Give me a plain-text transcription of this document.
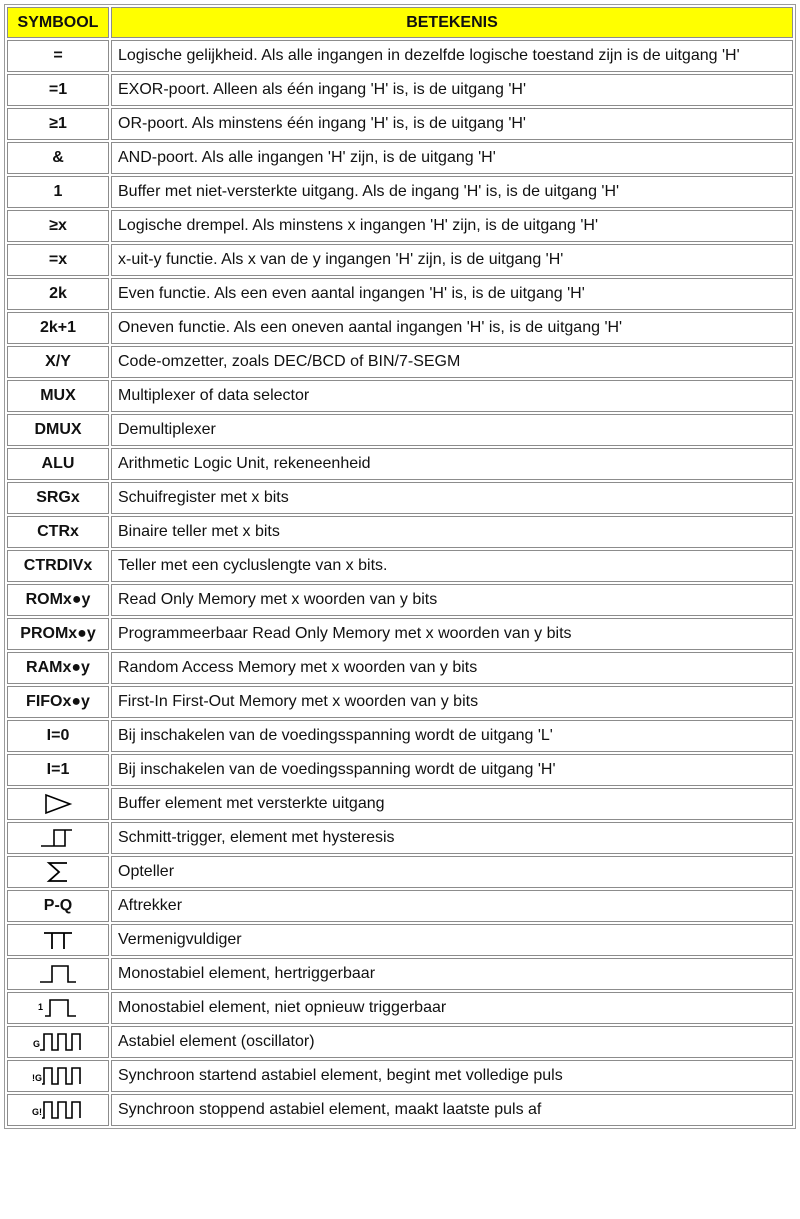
SYMBOOL	BETEKENIS
=	Logische gelijkheid. Als alle ingangen in dezelfde logische toestand zijn is de uitgang 'H'
=1	EXOR-poort. Alleen als één ingang 'H' is, is de uitgang 'H'
≥1	OR-poort. Als minstens één ingang 'H' is, is de uitgang 'H'
&	AND-poort. Als alle ingangen 'H' zijn, is de uitgang 'H'
1	Buffer met niet-versterkte uitgang. Als de ingang 'H' is, is de uitgang 'H'
≥x	Logische drempel. Als minstens x ingangen 'H' zijn, is de uitgang 'H'
=x	x-uit-y functie. Als x van de y ingangen 'H' zijn, is de uitgang 'H'
2k	Even functie. Als een even aantal ingangen 'H' is, is de uitgang 'H'
2k+1	Oneven functie. Als een oneven aantal ingangen 'H' is, is de uitgang 'H'
X/Y	Code-omzetter, zoals DEC/BCD of BIN/7-SEGM
MUX	Multiplexer of data selector
DMUX	Demultiplexer
ALU	Arithmetic Logic Unit, rekeneenheid
SRGx	Schuifregister met x bits
CTRx	Binaire teller met x bits
CTRDIVx	Teller met een cycluslengte van x bits.
ROMx●y	Read Only Memory met x woorden van y bits
PROMx●y	Programmeerbaar Read Only Memory met x woorden van y bits
RAMx●y	Random Access Memory met x woorden van y bits
FIFOx●y	First-In First-Out Memory met x woorden van y bits
I=0	Bij inschakelen van de voedingsspanning wordt de uitgang 'L'
I=1	Bij inschakelen van de voedingsspanning wordt de uitgang 'H'

	Buffer element met versterkte uitgang

	Schmitt-trigger, element met hysteresis

	Opteller
P-Q	Aftrekker

	Vermenigvuldiger

	Monostabiel element, hertriggerbaar

1	Monostabiel element, niet opnieuw triggerbaar

G	Astabiel element (oscillator)

!G	Synchroon startend astabiel element, begint met volledige puls

G!	Synchroon stoppend astabiel element, maakt laatste puls af
